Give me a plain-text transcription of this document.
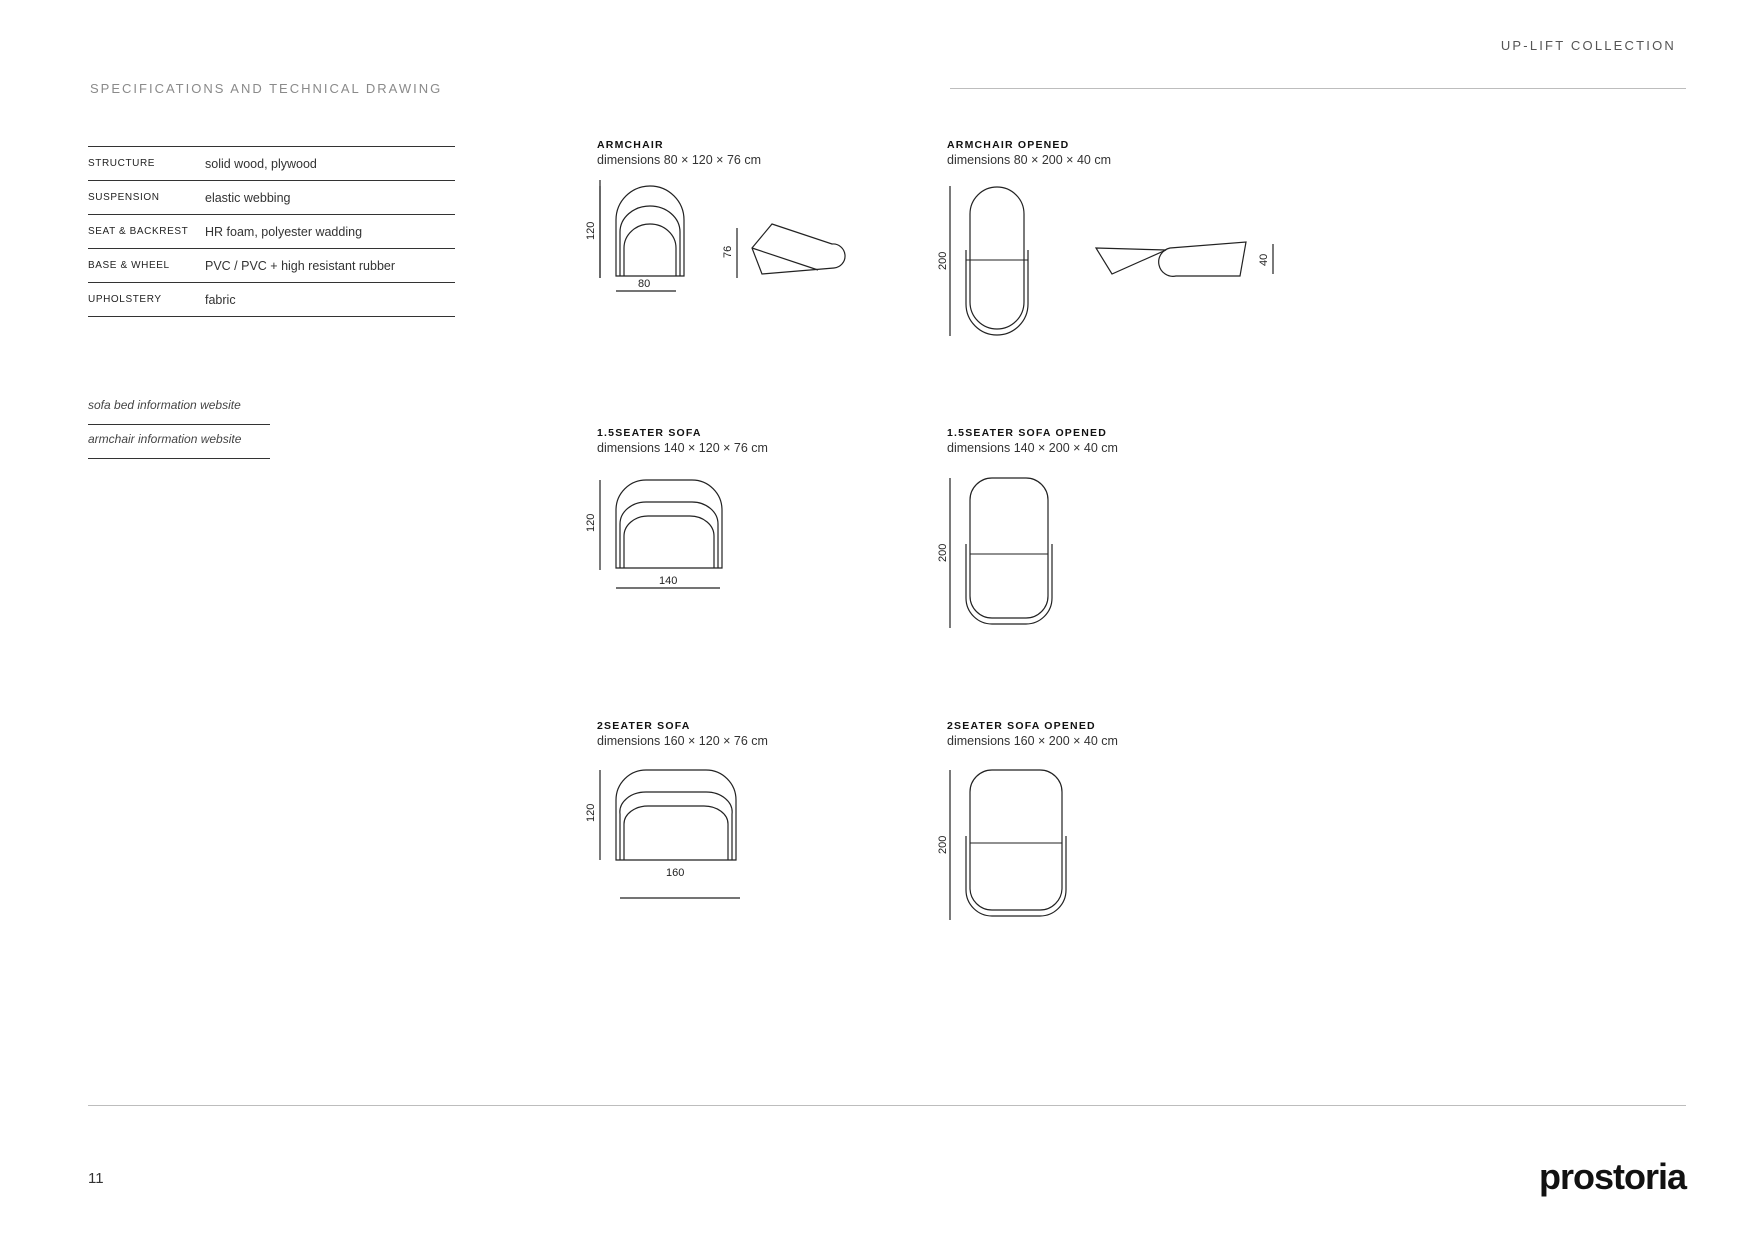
UP-LIFT COLLECTION
SPECIFICATIONS AND TECHNICAL DRAWING
STRUCTURE	solid wood, plywood
SUSPENSION	elastic webbing
SEAT & BACKREST	HR foam, polyester wadding
BASE & WHEEL	PVC / PVC + high resistant rubber
UPHOLSTERY	fabric
sofa bed information website
armchair information website
ARMCHAIR
dimensions 80 × 120 × 76 cm
80
120
76
ARMCHAIR OPENED
dimensions 80 × 200 × 40 cm
200	40
1.5SEATER SOFA
dimensions 140 × 120 × 76 cm
120
140
1.5SEATER SOFA OPENED
dimensions 140 × 200 × 40 cm
200
2SEATER SOFA
dimensions 160 × 120 × 76 cm
120
160
2SEATER SOFA OPENED
dimensions 160 × 200 × 40 cm
200
11	prostoria
